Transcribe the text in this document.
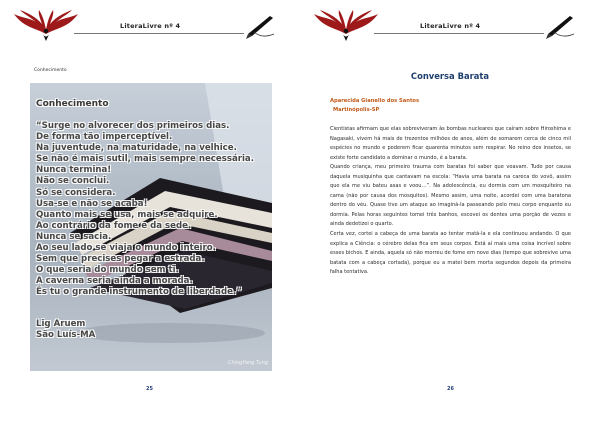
LiteraLivre nº 4
Conhecimento
Conhecimento
“Surge no alvorecer dos primeiros dias.
De forma tão imperceptível.
Na juventude, na maturidade, na velhice.
Se não é mais sutil, mais sempre necessária.
Nunca termina!
Não se conclui.
Só se considera.
Usa-se e não se acaba!
Quanto mais se usa, mais se adquire.
Ao contrário da fome e da sede.
Nunca se sacia.
Ao seu lado se viaja o mundo inteiro.
Sem que precises pegar a estrada.
O que seria do mundo sem ti.
A caverna seria ainda a morada.
És tu o grande instrumento de liberdade.”
Lig Aruem
São Luís-MA
ChingYang Tung
25
LiteraLivre nº 4
Conversa Barata
Aparecida Gianello dos Santos
Martinópolis-SP

Cientistas afirmam que elas sobreviveram às bombas nucleares que caíram sobre Hiroshima e Nagasaki, vivem há mais de trezentos milhões de anos, além de somarem cerca de cinco mil espécies no mundo e poderem ficar quarenta minutos sem respirar. No reino dos insetos, se existe forte candidato a dominar o mundo, é a barata.

Quando criança, meu primeiro trauma com baratas foi saber que voavam. Tudo por causa daquela musiquinha que cantavam na escola: “Havia uma barata na careca do vovô, assim que ela me viu bateu asas e voou…”. Na adolescência, eu dormia com um mosquiteiro na cama (não por causa dos mosquitos). Mesmo assim, uma noite, acordei com uma baratona dentro do véu. Quase tive um ataque ao imaginá-la passeando pelo meu corpo enquanto eu dormia. Pelas horas seguintes tomei três banhos, escovei os dentes uma porção de vezes e ainda dedetizei o quarto.

Certa vez, cortei a cabeça de uma barata ao tentar matá-la e ela continuou andando. O que explica a Ciência: o cérebro delas fica em seus corpos. Está aí mais uma coisa incrível sobre esses bichos. E ainda, aquela só não morreu de fome em nove dias (tempo que sobrevive uma batata com a cabeça cortada), porque eu a matei bem morta segundos depois da primeira falha tentativa.

26
